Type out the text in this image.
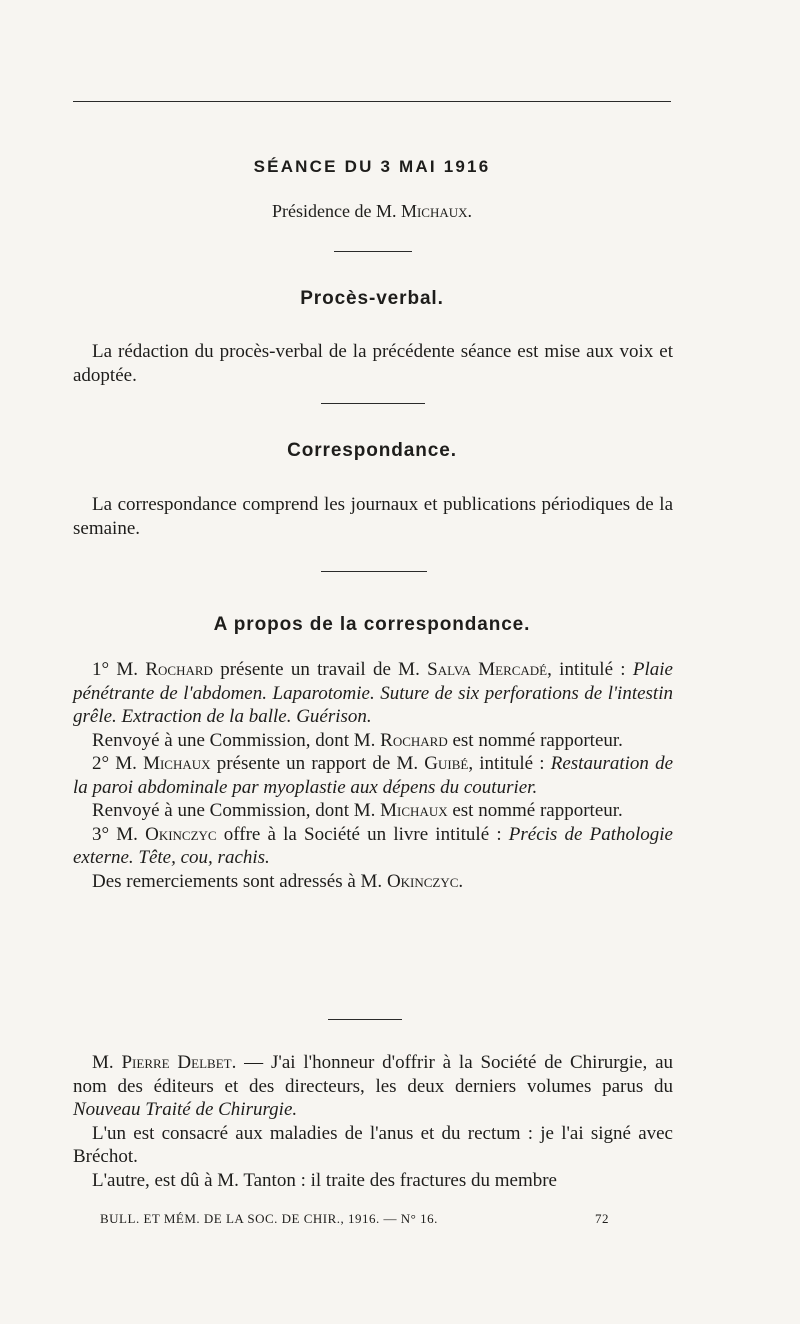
SÉANCE DU 3 MAI 1916
Présidence de M. Michaux.
Procès-verbal.

La rédaction du procès-verbal de la précédente séance est mise aux voix et adoptée.

Correspondance.

La correspondance comprend les journaux et publications périodiques de la semaine.

A propos de la correspondance.

1° M. Rochard présente un travail de M. Salva Mercadé, intitulé : Plaie pénétrante de l'abdomen. Laparotomie. Suture de six perforations de l'intestin grêle. Extraction de la balle. Guérison.

Renvoyé à une Commission, dont M. Rochard est nommé rapporteur.

2° M. Michaux présente un rapport de M. Guibé, intitulé : Restauration de la paroi abdominale par myoplastie aux dépens du couturier.

Renvoyé à une Commission, dont M. Michaux est nommé rapporteur.

3° M. Okinczyc offre à la Société un livre intitulé : Précis de Pathologie externe. Tête, cou, rachis.

Des remerciements sont adressés à M. Okinczyc.

M. Pierre Delbet. — J'ai l'honneur d'offrir à la Société de Chirurgie, au nom des éditeurs et des directeurs, les deux derniers volumes parus du Nouveau Traité de Chirurgie.

L'un est consacré aux maladies de l'anus et du rectum : je l'ai signé avec Bréchot.

L'autre, est dû à M. Tanton : il traite des fractures du membre

BULL. ET MÉM. DE LA SOC. DE CHIR., 1916. — N° 16.	72
